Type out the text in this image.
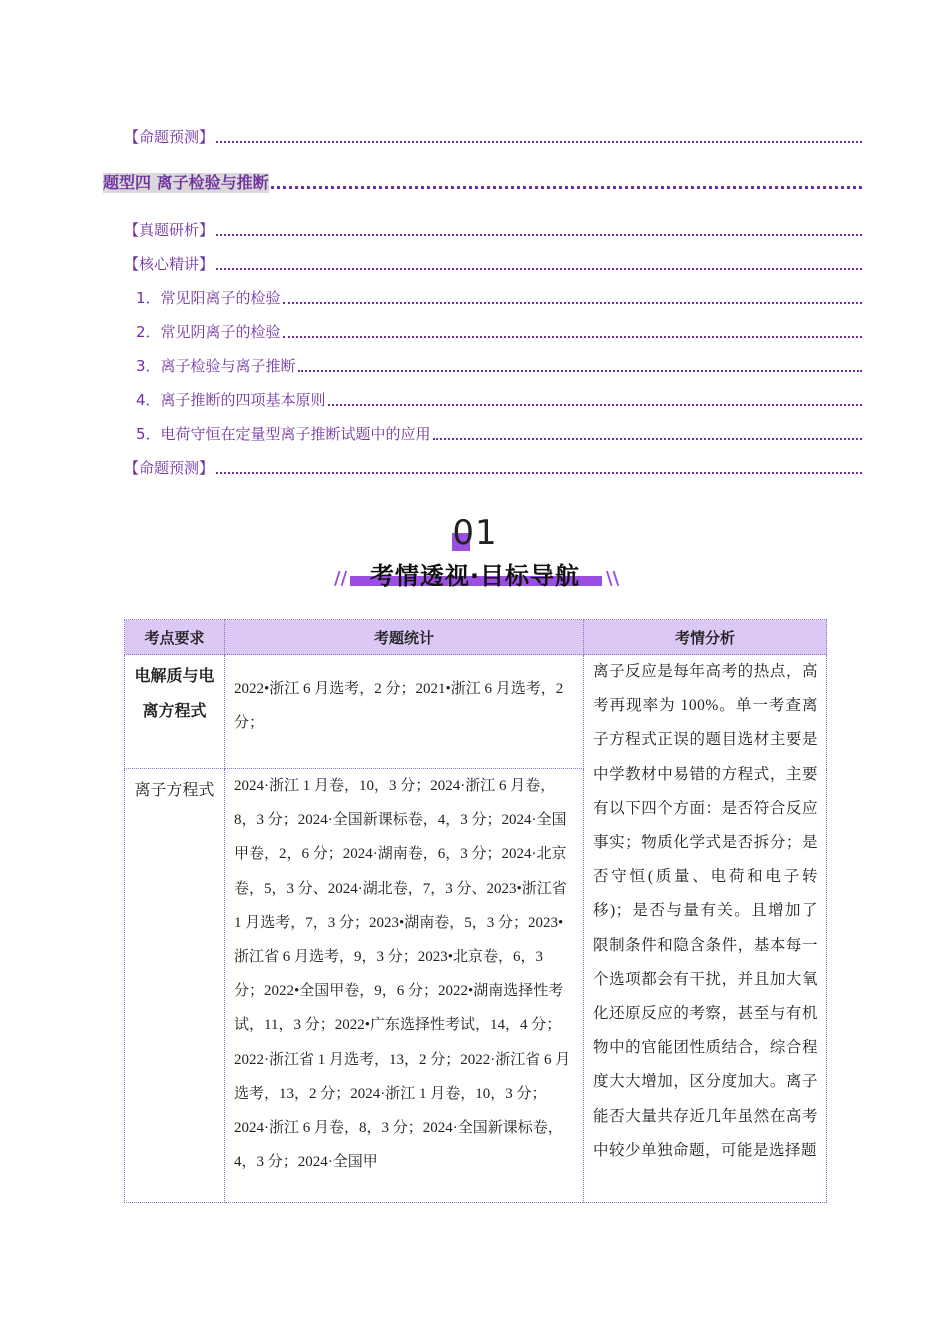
【命题预测】
题型四 离子检验与推断
【真题研析】
【核心精讲】
1．常见阳离子的检验
2．常见阴离子的检验
3．离子检验与离子推断
4．离子推断的四项基本原则
5．电荷守恒在定量型离子推断试题中的应用
【命题预测】
01
//	\\
考情透视·目标导航
考点要求	考题统计	考情分析

电解质与电离方程式	2022•浙江 6 月选考，2 分；2021•浙江 6 月选考，2 分；	离子反应是每年高考的热点，高考再现率为 100%。单一考查离子方程式正误的题目选材主要是中学教材中易错的方程式，主要有以下四个方面：是否符合反应事实；物质化学式是否拆分；是否守恒(质量、电荷和电子转移)；是否与量有关。且增加了限制条件和隐含条件，基本每一个选项都会有干扰，并且加大氧化还原反应的考察，甚至与有机物中的官能团性质结合，综合程度大大增加，区分度加大。离子能否大量共存近几年虽然在高考中较少单独命题，可能是选择题

离子方程式	2024·浙江 1 月卷，10，3 分；2024·浙江 6 月卷，8，3 分；2024·全国新课标卷，4，3 分；2024·全国甲卷，2，6 分；2024·湖南卷，6，3 分；2024·北京卷，5，3 分、2024·湖北卷，7，3 分、2023•浙江省 1 月选考，7，3 分；2023•湖南卷，5，3 分；2023•浙江省 6 月选考，9，3 分；2023•北京卷，6，3 分；2022•全国甲卷，9，6 分；2022•湖南选择性考试，11，3 分；2022•广东选择性考试，14，4 分；2022·浙江省 1 月选考，13，2 分；2022·浙江省 6 月选考，13，2 分；2024·浙江 1 月卷，10，3 分；2024·浙江 6 月卷，8，3 分；2024·全国新课标卷，4，3 分；2024·全国甲	
